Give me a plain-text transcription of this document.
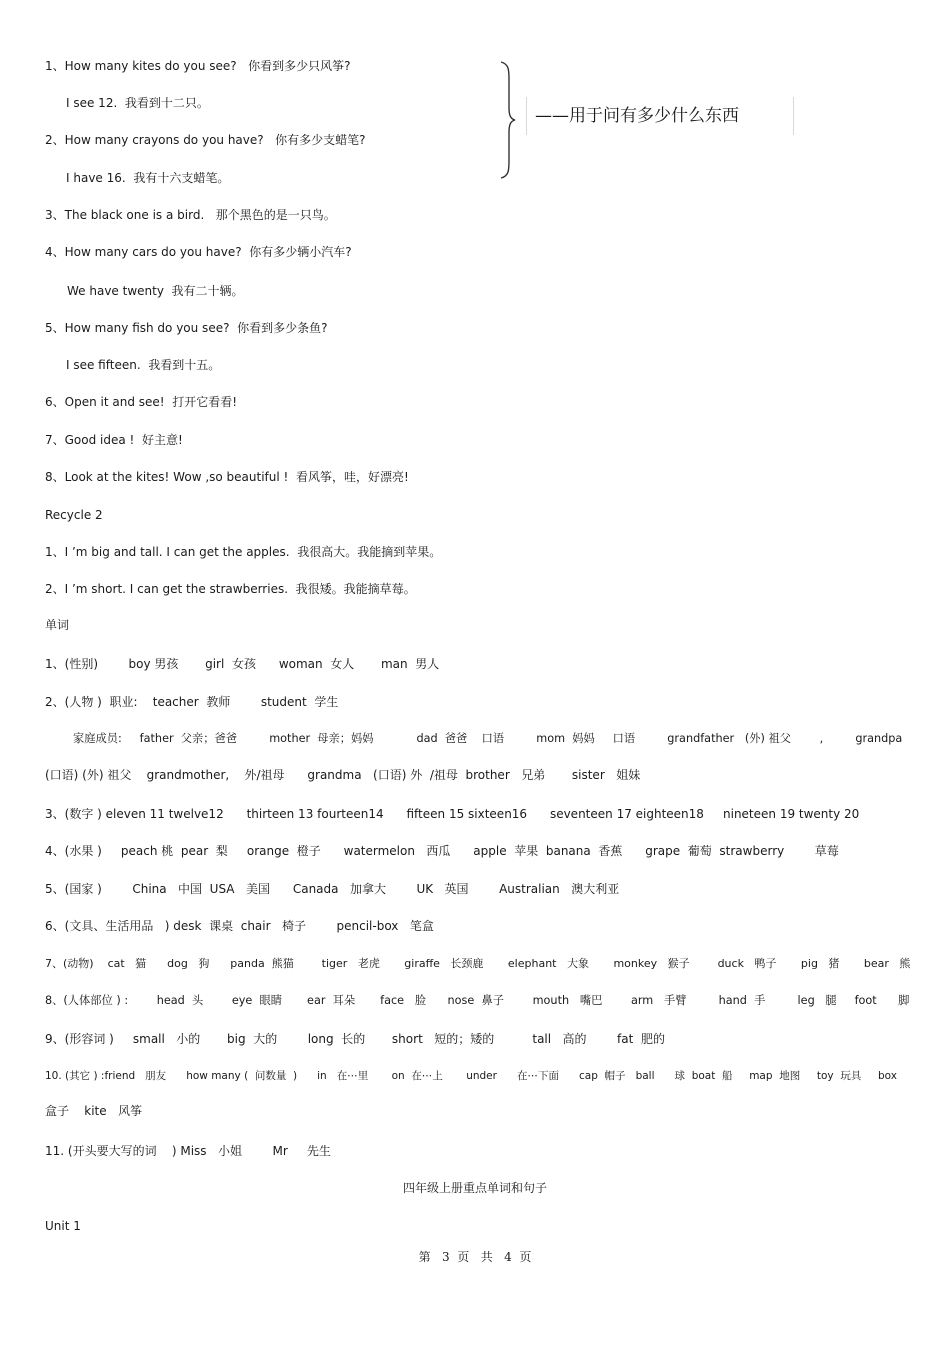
——用于问有多少什么东西
1、How many kites do you see?   你看到多少只风筝?
I see 12.  我看到十二只。
2、How many crayons do you have?   你有多少支蜡笔?
I have 16.  我有十六支蜡笔。
3、The black one is a bird.   那个黑色的是一只鸟。
4、How many cars do you have?  你有多少辆小汽车?
We have twenty  我有二十辆。
5、How many fish do you see?  你看到多少条鱼?
I see fifteen.  我看到十五。
6、Open it and see!  打开它看看!
7、Good idea !  好主意!
8、Look at the kites! Wow ,so beautiful !  看风筝，哇，好漂亮!
Recycle 2
1、I ’m big and tall. I can get the apples.  我很高大。我能摘到苹果。
2、I ’m short. I can get the strawberries.  我很矮。我能摘草莓。
单词
1、(性别)        boy 男孩       girl  女孩      woman  女人       man  男人
2、(人物 )  职业:    teacher  教师        student  学生
家庭成员:     father  父亲；爸爸         mother  母亲；妈妈            dad  爸爸    口语         mom  妈妈     口语         grandfather   (外) 祖父        ,         grandpa
(口语) (外) 祖父    grandmother,    外/祖母      grandma   (口语) 外  /祖母  brother   兄弟       sister   姐妹
3、(数字 ) eleven 11 twelve12      thirteen 13 fourteen14      fifteen 15 sixteen16      seventeen 17 eighteen18     nineteen 19 twenty 20
4、(水果 )     peach 桃  pear  梨     orange  橙子      watermelon   西瓜      apple  苹果  banana  香蕉      grape  葡萄  strawberry        草莓
5、(国家 )        China   中国  USA   美国      Canada   加拿大        UK   英国        Australian   澳大利亚
6、(文具、生活用品   ) desk  课桌  chair   椅子        pencil-box   笔盒
7、(动物)    cat   猫      dog   狗      panda  熊猫        tiger   老虎       giraffe   长颈鹿       elephant   大象       monkey   猴子        duck   鸭子       pig   猪       bear   熊
8、(人体部位 ) :        head  头        eye  眼睛       ear  耳朵       face   脸      nose  鼻子        mouth   嘴巴        arm   手臂         hand  手         leg   腿     foot      脚
9、(形容词 )     small   小的       big  大的        long  长的       short   短的；矮的          tall   高的        fat  肥的
10. (其它 ) :friend   朋友      how many (  问数量  )      in   在⋯里       on  在⋯上       under      在⋯下面      cap  帽子   ball      球  boat  船     map  地图     toy  玩具     box
盒子    kite   风筝
11. (开头要大写的词    ) Miss   小姐        Mr     先生
四年级上册重点单词和句子
Unit 1
第   3  页   共   4  页
